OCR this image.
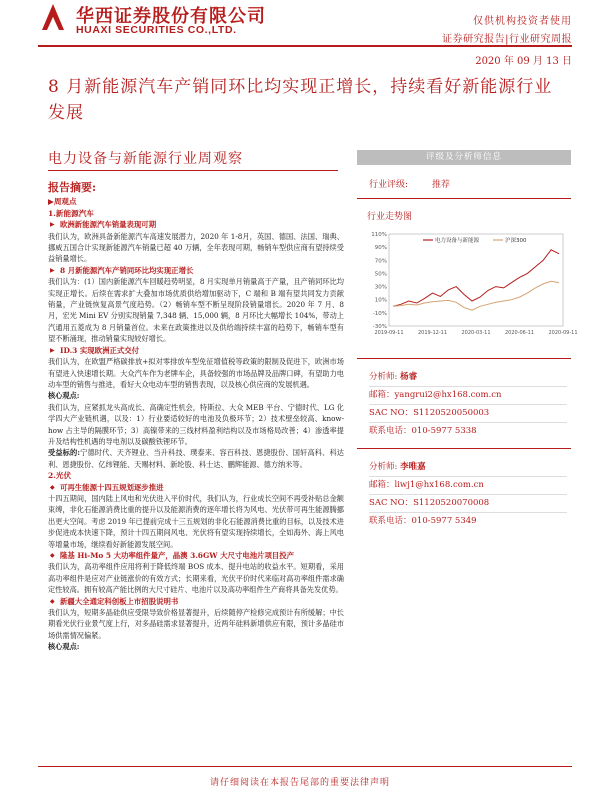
华西证券股份有限公司
HUAXI SECURITIES CO.,LTD.
仅供机构投资者使用
证券研究报告|行业研究周报
2020 年 09 月 13 日
8 月新能源汽车产销同环比均实现正增长，持续看好新能源行业发展
电力设备与新能源行业周观察
报告摘要:
▶周观点
1.新能源汽车
▶ 欧洲新能源汽车销量表现可期
我们认为，欧洲具备新能源汽车高速发展潜力，2020 年 1-8月，英国、德国、法国、瑞典、挪威五国合计实现新能源汽车销量已超 40 万辆，全年表现可期，畅销车型供应商有望持续受益销量增长。
▶ 8 月新能源汽车产销同环比均实现正增长
我们认为：(1）国内新能源汽车回暖趋势明显，8 月实现单月销量高于产量，且产销同环比均实现正增长。后续在需求扩大叠加市场优质供给增加驱动下，C 端和 B 端有望共同发力贡献销量，产业链恢复高景气度趋势。（2）畅销车型不断呈现阶段销量增长。2020 年 7 月、8 月，宏光 Mini EV 分别实现销量 7,348 辆、15,000 辆，8 月环比大幅增长 104%，带动上汽通用五菱成为 8 月销量首位。未来在政策推进以及供给端持续丰富的趋势下，畅销车型有望不断涌现，推动销量实现较好增长。
▶ ID.3 实现欧洲正式交付
我们认为，在欧盟严格碳排放+拟对零排放车型免征增值税等政策的限制及促进下，欧洲市场有望进入快速增长期。大众汽车作为老牌车企，具备较强的市场品牌及品牌口碑，有望助力电动车型的销售与推进，看好大众电动车型的销售表现，以及核心供应商的发展机遇。
核心观点:
我们认为，应紧抓龙头高成长、高确定性机会，特斯拉、大众 MEB 平台、宁德时代、LG 化学四大产业链机遇，以及：1）行业要适较好的电池及负极环节；2）技术壁垒较高、know-how 占主导的隔膜环节；3）高镍带来的三线材料盈利结构以及市场格局改善；4）渗透率提升及结构性机遇的导电剂以及碳酸铁锂环节。
受益标的:宁德时代、天齐锂业、当升科技、璞泰来、容百科技、恩捷股份、国轩高科、科达利、恩捷股份、亿纬锂能、天赐材料、新纶股、科士达、鹏辉能源、德方纳米等。
2.光伏
◆ 可再生能源十四五规划逐步推进
十四五期间，国内陆上风电和光伏进入平价时代，我们认为，行业成长空间不再受补贴总金额束缚，非化石能源消费比重的提升以及能源消费的逐年增长将为风电、光伏带可再生能源腾挪出更大空间。考虑 2019 年已提前完成十三五规划的非化石能源消费比重的目标，以及技术进步促进成本快速下降，预计十四五期间风电、光伏将有望实现持续增长，全如海外、海上风电等增量市场，继续看好新能源发展空间。
◆ 隆基 Hi-Mo 5 大功率组件量产，晶澳 3.6GW 大尺寸电池片项目投产
我们认为，高功率组件应用将利于降低终端 BOS 成本、提升电站的收益水平。短期看，采用高功率组件是应对产业链涨价的有效方式；长期来看，光伏平价时代来临对高功率组件需求确定性较高。拥有较高产能比例的大尺寸硅片、电池片以及高功率组件生产商将具备先发优势。
◆ 新疆大全通定科创板上市招股说明书
我们认为，短期多晶硅供应受限导致价格显著提升，后续随停产检修完成预计有所缓解；中长期看光伏行业景气度上行，对多晶硅需求显著提升，近两年硅料新增供应有限，预计多晶硅市场供需情况偏紧。
核心观点:
评级及分析师信息
行业评级:	推荐
行业走势图
110%
90%
70%
50%
30%
10%
-10%
-30%
2019-09-11	2019-12-11	2020-03-11	2020-06-11	2020-09-11
电力设备与新能源	沪深300
分析师: 杨睿
邮箱：yangrui2@hx168.com.cn
SAC NO：S1120520050003
联系电话：010-5977 5338
分析师: 李唯嘉
邮箱：liwj1@hx168.com.cn
SAC NO：S1120520070008
联系电话：010-5977 5349
请仔细阅读在本报告尾部的重要法律声明
